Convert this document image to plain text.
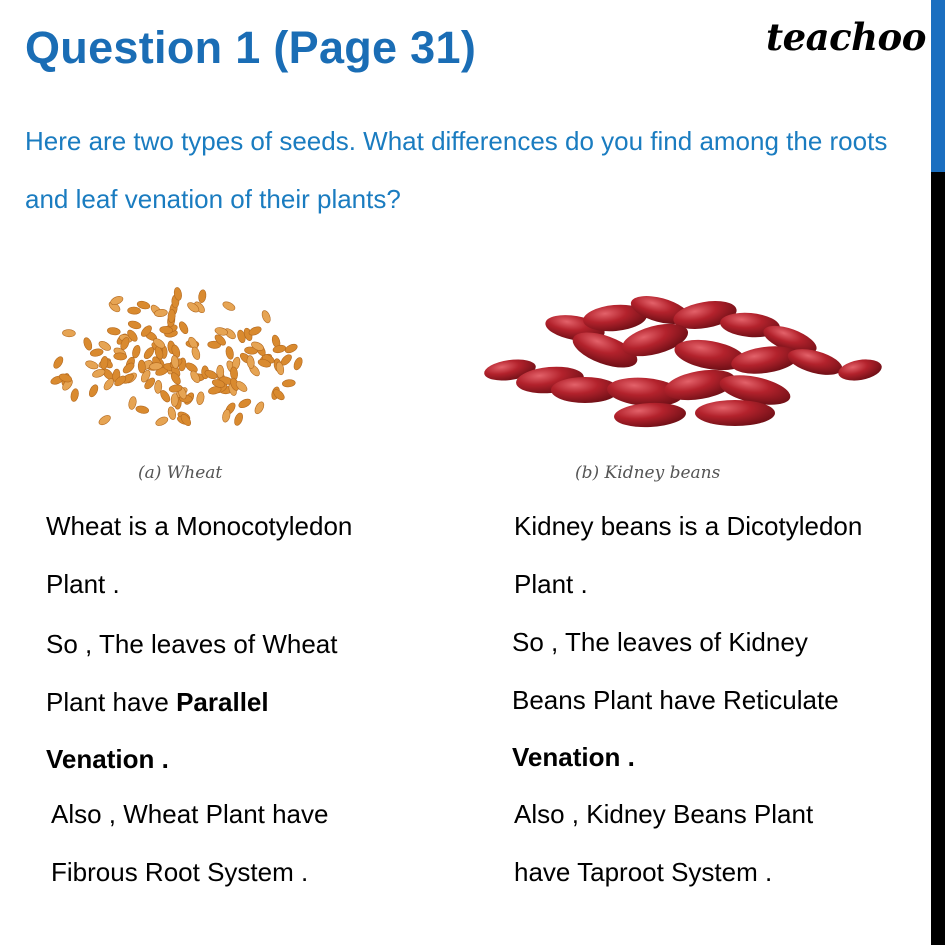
Question 1 (Page 31)	teachoo
Here are two types of seeds. What differences do you find among the roots and leaf venation of their plants?
(a) Wheat	(b) Kidney beans
Wheat is a Monocotyledon
Plant .
So , The leaves of Wheat
Plant have Parallel
Venation .
Also , Wheat Plant have
Fibrous Root System .
Kidney beans is a Dicotyledon
Plant .
So , The leaves of Kidney
Beans Plant have Reticulate
Venation .
Also , Kidney Beans Plant
have Taproot System .
